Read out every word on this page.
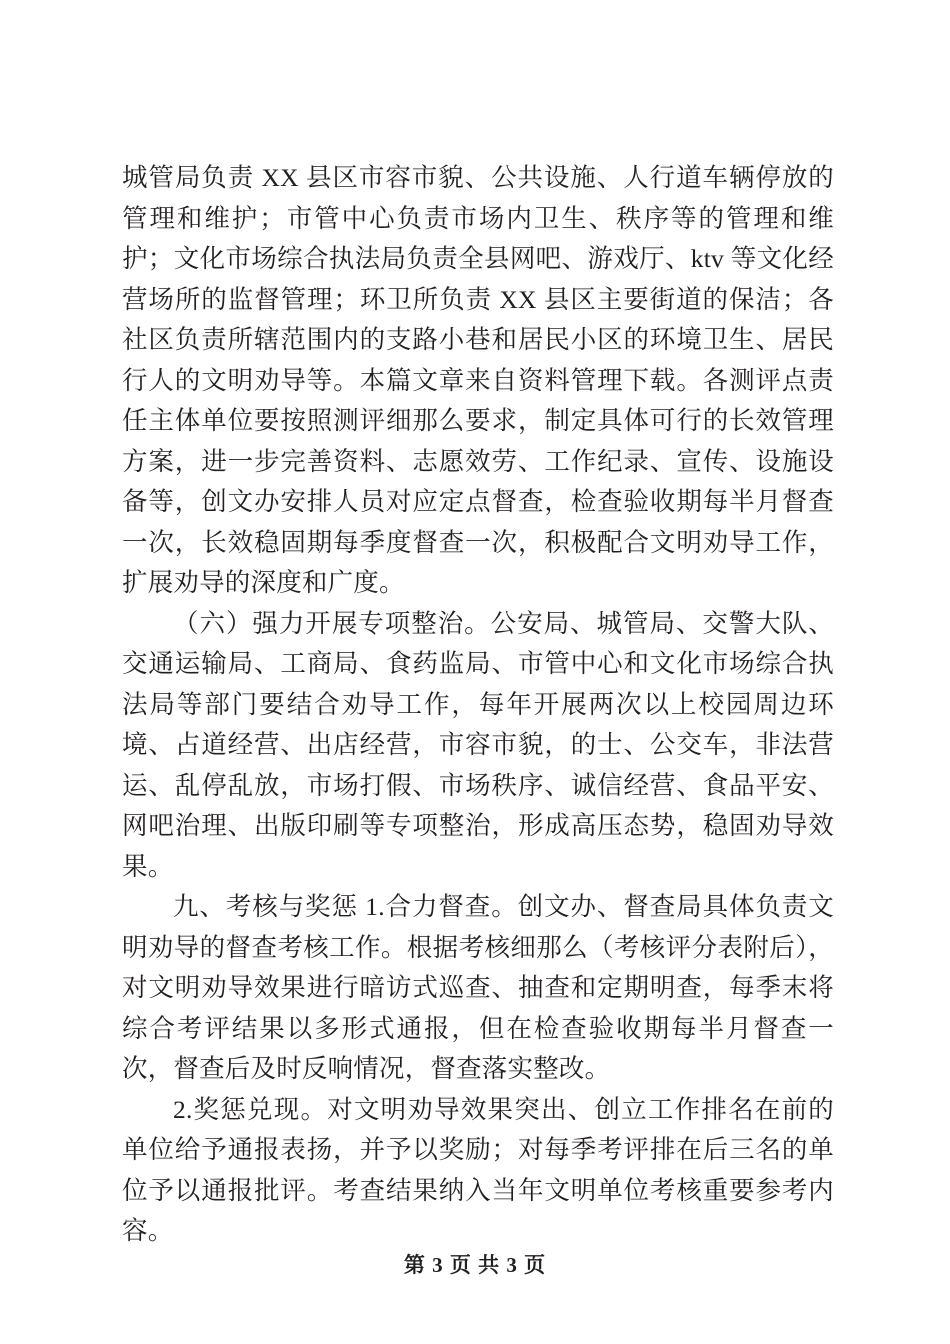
城管局负责 XX 县区市容市貌、公共设施、人行道车辆停放的管理和维护；市管中心负责市场内卫生、秩序等的管理和维护；文化市场综合执法局负责全县网吧、游戏厅、ktv 等文化经营场所的监督管理；环卫所负责 XX 县区主要街道的保洁；各社区负责所辖范围内的支路小巷和居民小区的环境卫生、居民行人的文明劝导等。本篇文章来自资料管理下载。各测评点责任主体单位要按照测评细那么要求，制定具体可行的长效管理方案，进一步完善资料、志愿效劳、工作纪录、宣传、设施设备等，创文办安排人员对应定点督查，检查验收期每半月督查一次，长效稳固期每季度督查一次，积极配合文明劝导工作，扩展劝导的深度和广度。

（六）强力开展专项整治。公安局、城管局、交警大队、交通运输局、工商局、食药监局、市管中心和文化市场综合执法局等部门要结合劝导工作，每年开展两次以上校园周边环境、占道经营、出店经营，市容市貌，的士、公交车，非法营运、乱停乱放，市场打假、市场秩序、诚信经营、食品平安、网吧治理、出版印刷等专项整治，形成高压态势，稳固劝导效果。

九、考核与奖惩 1.合力督查。创文办、督查局具体负责文明劝导的督查考核工作。根据考核细那么（考核评分表附后），对文明劝导效果进行暗访式巡查、抽查和定期明查，每季末将综合考评结果以多形式通报，但在检查验收期每半月督查一次，督查后及时反响情况，督查落实整改。

2.奖惩兑现。对文明劝导效果突出、创立工作排名在前的单位给予通报表扬，并予以奖励；对每季考评排在后三名的单位予以通报批评。考查结果纳入当年文明单位考核重要参考内容。

第 3 页 共 3 页
